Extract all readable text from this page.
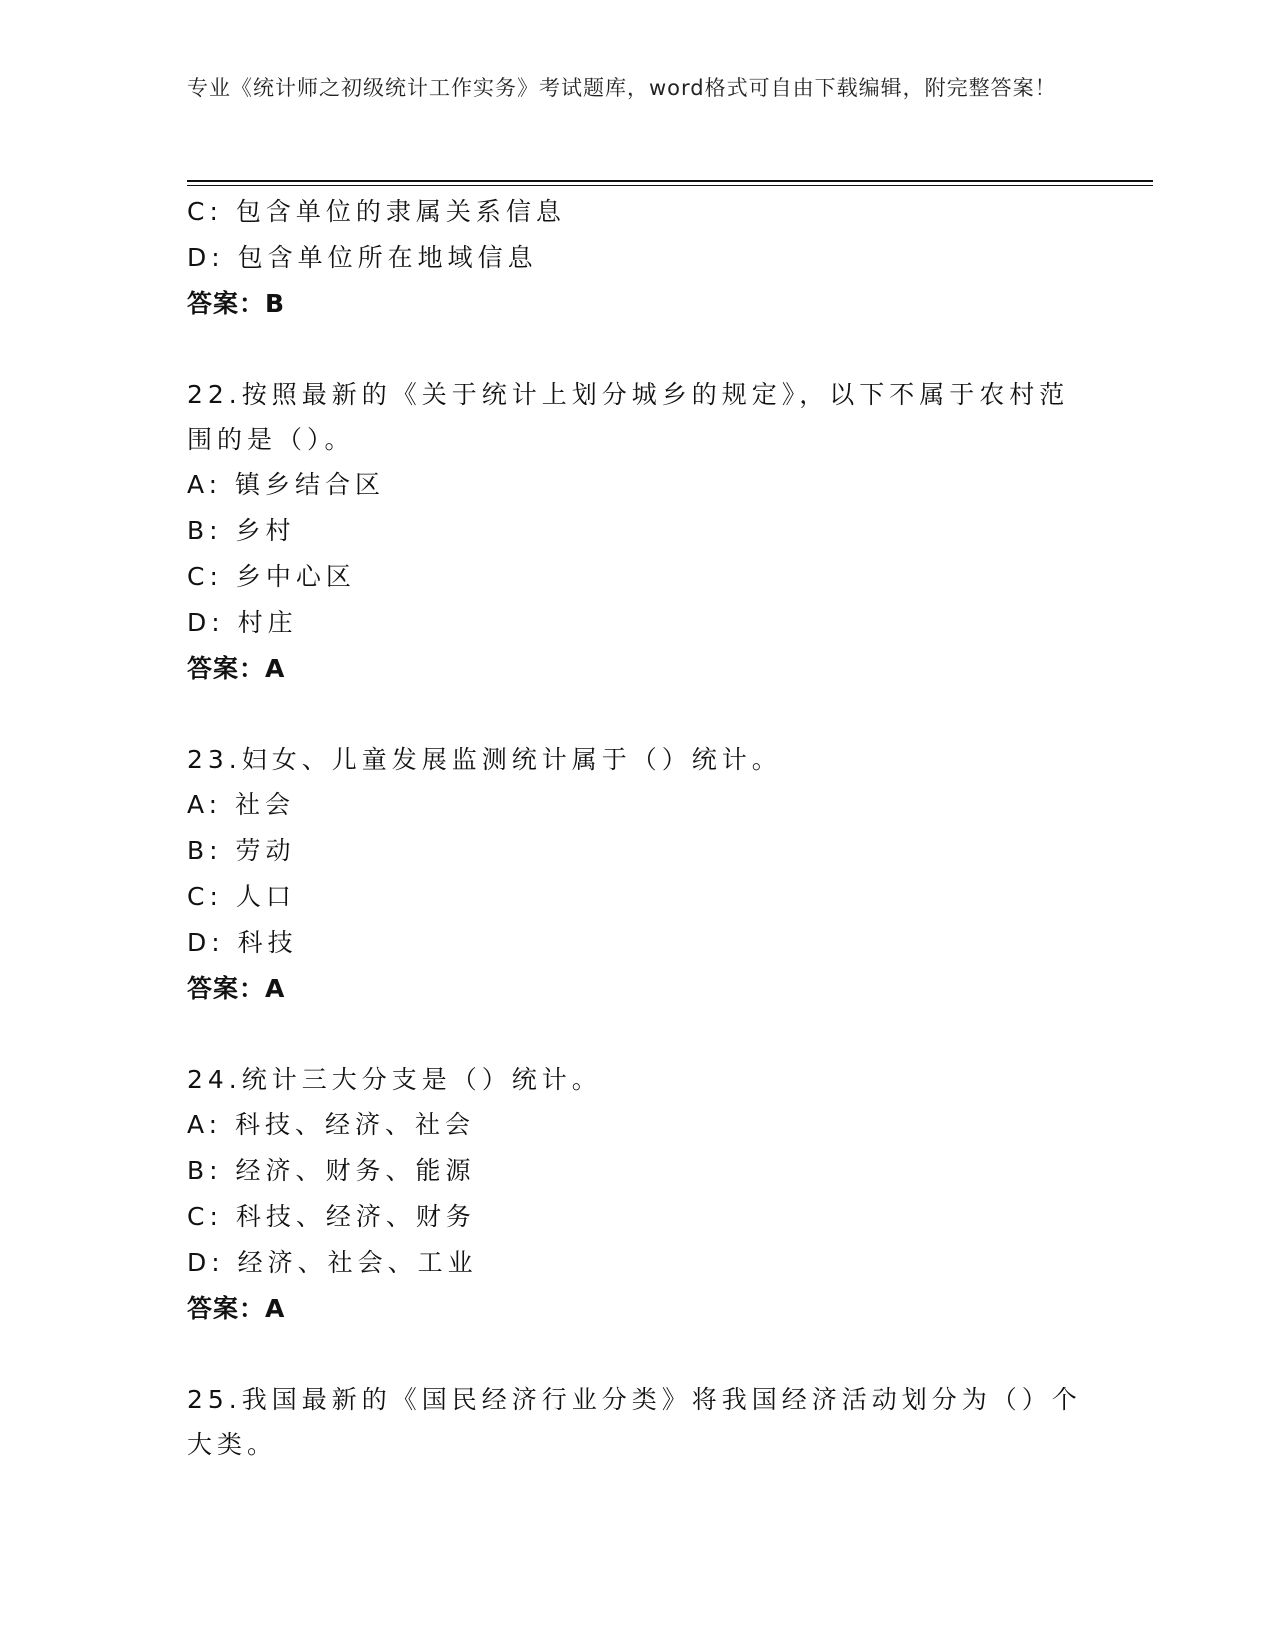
专业《统计师之初级统计工作实务》考试题库，word格式可自由下载编辑，附完整答案！
C: 包含单位的隶属关系信息
D: 包含单位所在地域信息
答案：B
22.按照最新的《关于统计上划分城乡的规定》，以下不属于农村范围的是（）。
A: 镇乡结合区
B: 乡村
C: 乡中心区
D: 村庄
答案：A
23.妇女、儿童发展监测统计属于（）统计。
A: 社会
B: 劳动
C: 人口
D: 科技
答案：A
24.统计三大分支是（）统计。
A: 科技、经济、社会
B: 经济、财务、能源
C: 科技、经济、财务
D: 经济、社会、工业
答案：A
25.我国最新的《国民经济行业分类》将我国经济活动划分为（）个大类。
